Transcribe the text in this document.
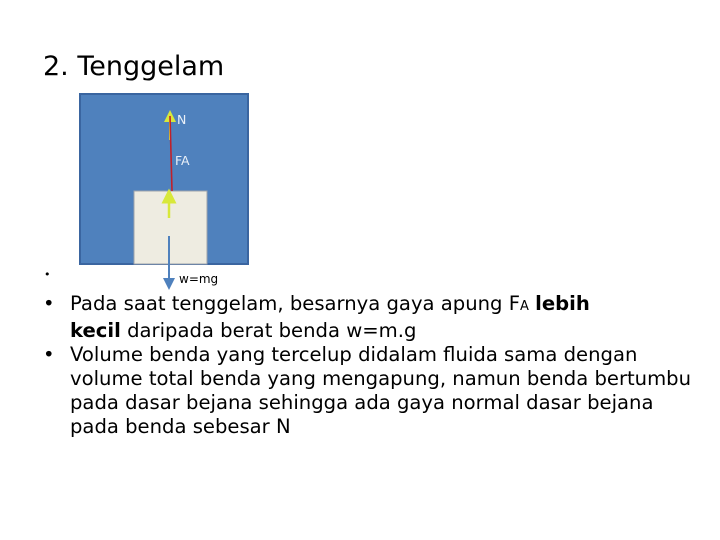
2. Tenggelam
N
FA
w=mg
•
• Pada saat tenggelam, besarnya gaya apung FA lebih
kecil daripada berat benda w=m.g
• Volume benda yang tercelup didalam fluida sama dengan volume total benda yang mengapung, namun benda bertumbu pada dasar bejana sehingga ada gaya normal dasar bejana pada benda sebesar N
